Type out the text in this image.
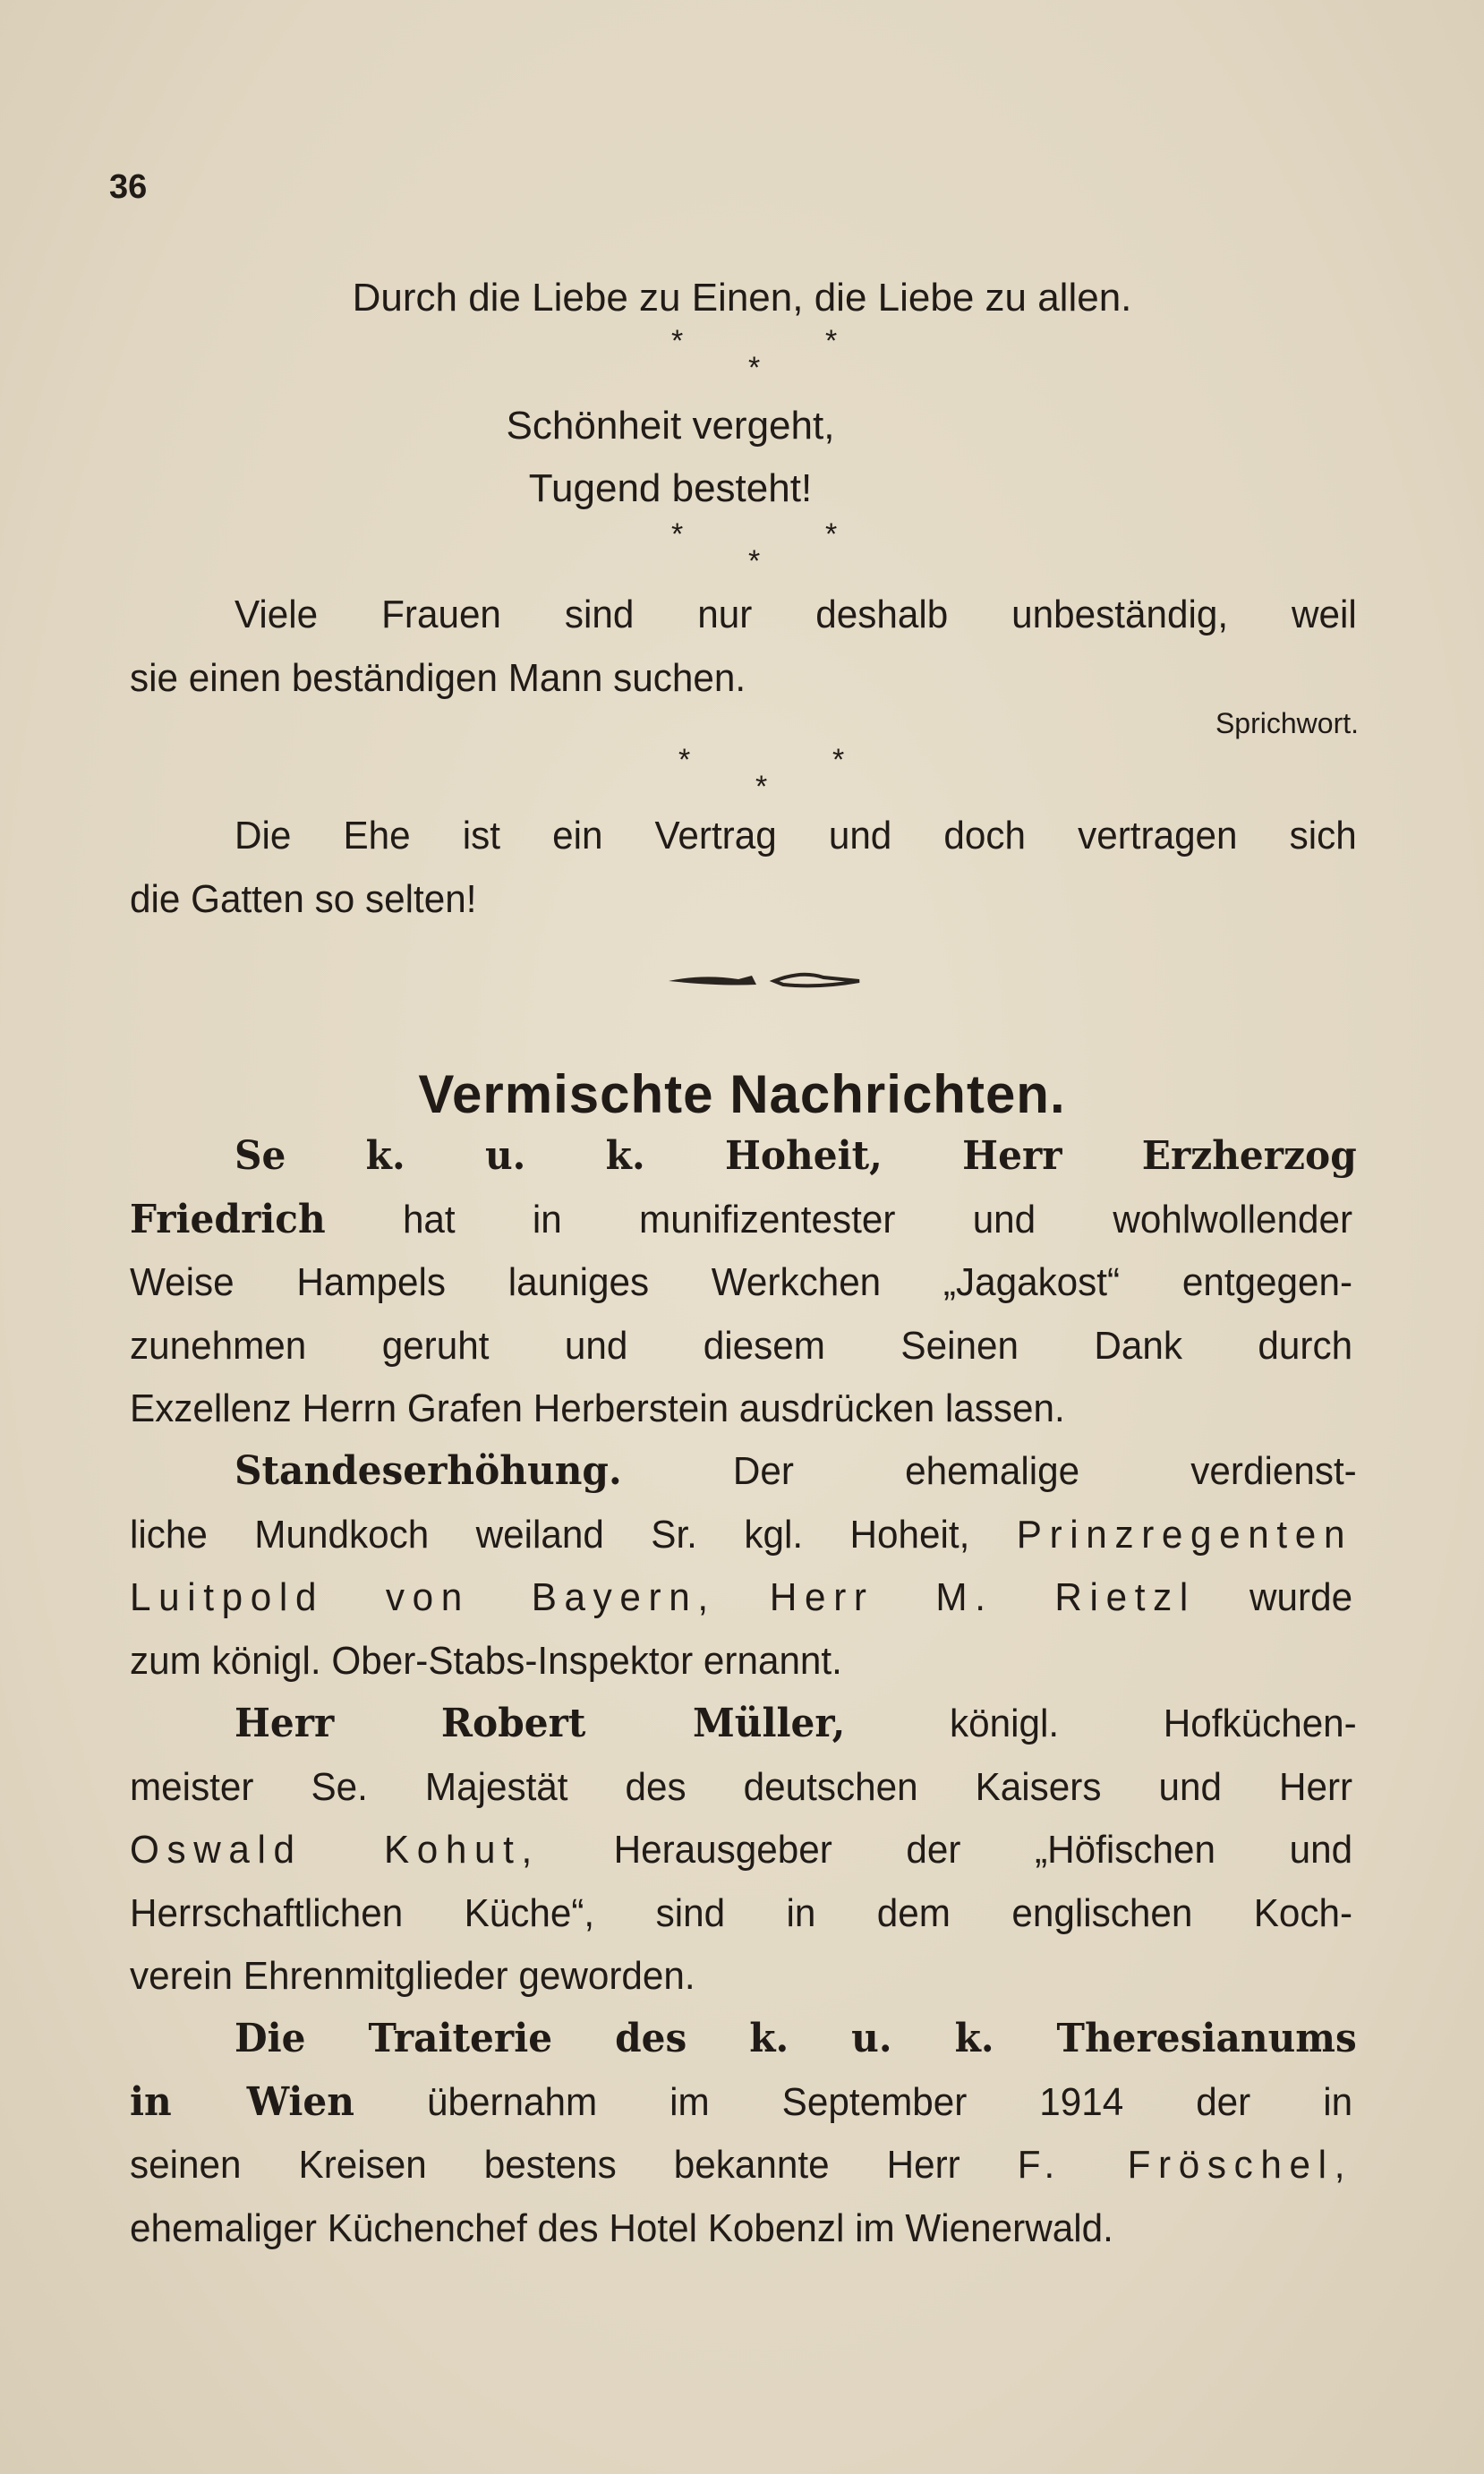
36
Durch die Liebe zu Einen, die Liebe zu allen.
*	*
*
Schönheit vergeht,
Tugend besteht!
*	*
*
Viele Frauen sind nur deshalb unbeständig, weil
sie einen beständigen Mann suchen.
Sprichwort.
*	*
*
Die Ehe ist ein Vertrag und doch vertragen sich
die Gatten so selten!
Vermischte Nachrichten.
Se k. u. k. Hoheit, Herr Erzherzog
Friedrich hat in munifizentester und wohlwollender
Weise Hampels launiges Werkchen „Jagakost“ entgegen-
zunehmen geruht und diesem Seinen Dank durch
Exzellenz Herrn Grafen Herberstein ausdrücken lassen.
Standeserhöhung. Der ehemalige verdienst-
liche Mundkoch weiland Sr. kgl. Hoheit, Prinzregenten
Luitpold von Bayern, Herr M. Rietzl wurde
zum königl. Ober-Stabs-Inspektor ernannt.
Herr Robert Müller, königl. Hofküchen-
meister Se. Majestät des deutschen Kaisers und Herr
Oswald Kohut, Herausgeber der „Höfischen und
Herrschaftlichen Küche“, sind in dem englischen Koch-
verein Ehrenmitglieder geworden.
Die Traiterie des k. u. k. Theresianums
in Wien übernahm im September 1914 der in
seinen Kreisen bestens bekannte Herr F. Fröschel,
ehemaliger Küchenchef des Hotel Kobenzl im Wienerwald.
